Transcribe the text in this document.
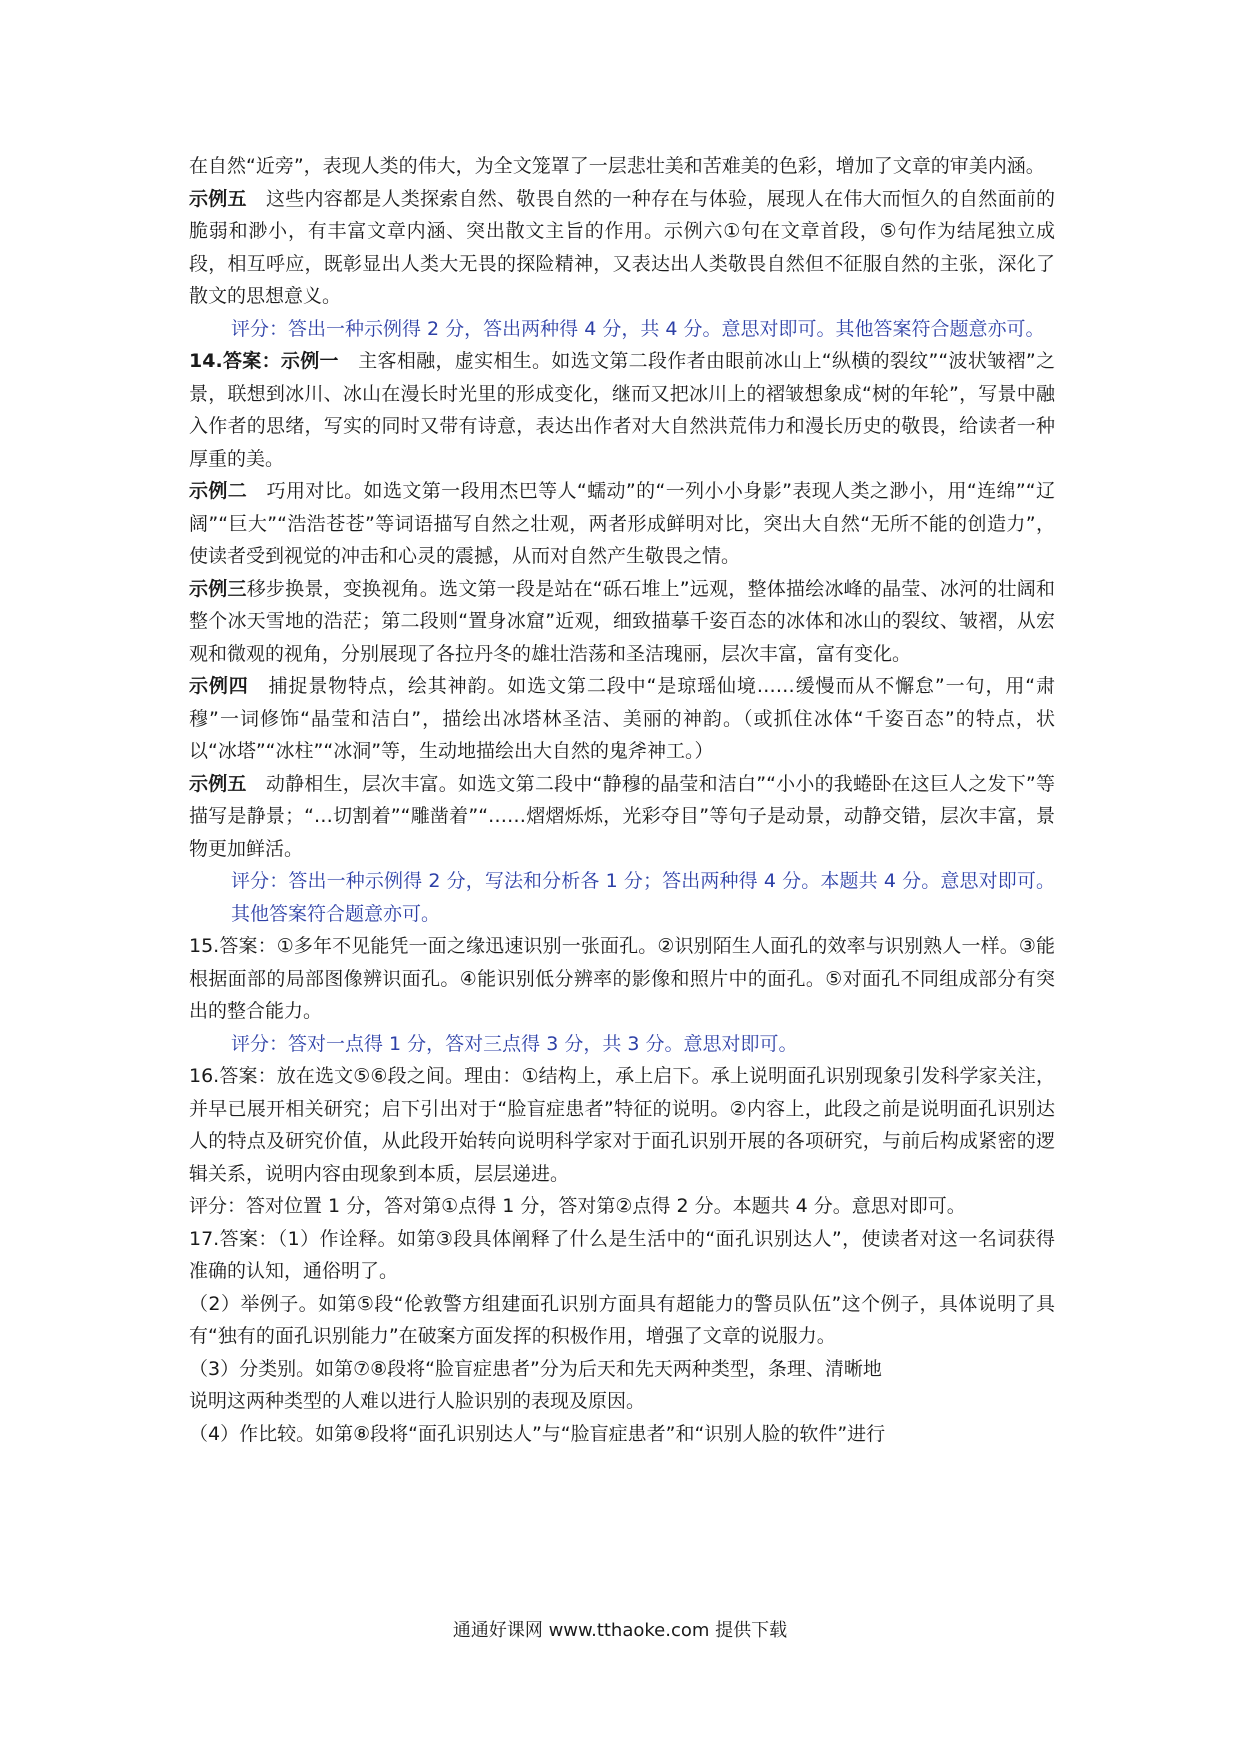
在自然“近旁”，表现人类的伟大，为全文笼罩了一层悲壮美和苦难美的色彩，增加了文章的审美内涵。

示例五　这些内容都是人类探索自然、敬畏自然的一种存在与体验，展现人在伟大而恒久的自然面前的脆弱和渺小，有丰富文章内涵、突出散文主旨的作用。示例六①句在文章首段，⑤句作为结尾独立成段，相互呼应，既彰显出人类大无畏的探险精神，又表达出人类敬畏自然但不征服自然的主张，深化了散文的思想意义。

评分：答出一种示例得 2 分，答出两种得 4 分，共 4 分。意思对即可。其他答案符合题意亦可。

14.答案：示例一　主客相融，虚实相生。如选文第二段作者由眼前冰山上“纵横的裂纹”“波状皱褶”之景，联想到冰川、冰山在漫长时光里的形成变化，继而又把冰川上的褶皱想象成“树的年轮”，写景中融入作者的思绪，写实的同时又带有诗意，表达出作者对大自然洪荒伟力和漫长历史的敬畏，给读者一种厚重的美。

示例二　巧用对比。如选文第一段用杰巴等人“蠕动”的“一列小小身影”表现人类之渺小，用“连绵”“辽阔”“巨大”“浩浩苍苍”等词语描写自然之壮观，两者形成鲜明对比，突出大自然“无所不能的创造力”，使读者受到视觉的冲击和心灵的震撼，从而对自然产生敬畏之情。

示例三移步换景，变换视角。选文第一段是站在“砾石堆上”远观，整体描绘冰峰的晶莹、冰河的壮阔和整个冰天雪地的浩茫；第二段则“置身冰窟”近观，细致描摹千姿百态的冰体和冰山的裂纹、皱褶，从宏观和微观的视角，分别展现了各拉丹冬的雄壮浩荡和圣洁瑰丽，层次丰富，富有变化。

示例四　捕捉景物特点，绘其神韵。如选文第二段中“是琼瑶仙境……缓慢而从不懈怠”一句，用“肃穆”一词修饰“晶莹和洁白”，描绘出冰塔林圣洁、美丽的神韵。（或抓住冰体“千姿百态”的特点，状以“冰塔”“冰柱”“冰洞”等，生动地描绘出大自然的鬼斧神工。）

示例五　动静相生，层次丰富。如选文第二段中“静穆的晶莹和洁白”“小小的我蜷卧在这巨人之发下”等描写是静景；“…切割着”“雕凿着”“……熠熠烁烁，光彩夺目”等句子是动景，动静交错，层次丰富，景物更加鲜活。

评分：答出一种示例得 2 分，写法和分析各 1 分；答出两种得 4 分。本题共 4 分。意思对即可。其他答案符合题意亦可。

15.答案：①多年不见能凭一面之缘迅速识别一张面孔。②识别陌生人面孔的效率与识别熟人一样。③能根据面部的局部图像辨识面孔。④能识别低分辨率的影像和照片中的面孔。⑤对面孔不同组成部分有突出的整合能力。

评分：答对一点得 1 分，答对三点得 3 分，共 3 分。意思对即可。

16.答案：放在选文⑤⑥段之间。理由：①结构上，承上启下。承上说明面孔识别现象引发科学家关注，并早已展开相关研究；启下引出对于“脸盲症患者”特征的说明。②内容上，此段之前是说明面孔识别达人的特点及研究价值，从此段开始转向说明科学家对于面孔识别开展的各项研究，与前后构成紧密的逻辑关系，说明内容由现象到本质，层层递进。

评分：答对位置 1 分，答对第①点得 1 分，答对第②点得 2 分。本题共 4 分。意思对即可。

17.答案：（1）作诠释。如第③段具体阐释了什么是生活中的“面孔识别达人”，使读者对这一名词获得准确的认知，通俗明了。

（2）举例子。如第⑤段“伦敦警方组建面孔识别方面具有超能力的警员队伍”这个例子，具体说明了具有“独有的面孔识别能力”在破案方面发挥的积极作用，增强了文章的说服力。

（3）分类别。如第⑦⑧段将“脸盲症患者”分为后天和先天两种类型，条理、清晰地

说明这两种类型的人难以进行人脸识别的表现及原因。

（4）作比较。如第⑧段将“面孔识别达人”与“脸盲症患者”和“识别人脸的软件”进行

通通好课网 www.tthaoke.com 提供下载
